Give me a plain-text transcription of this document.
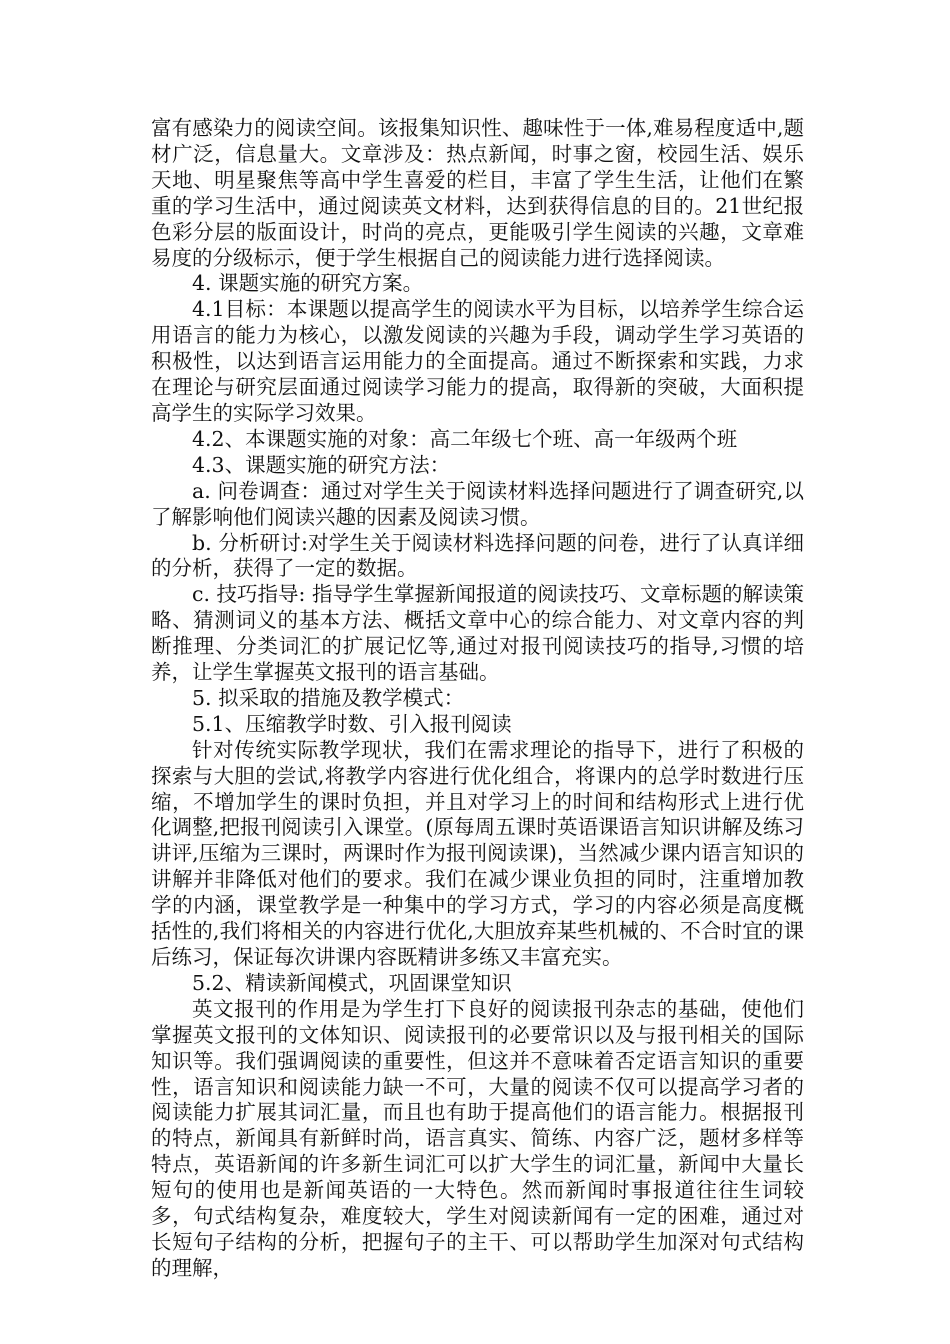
富有感染力的阅读空间。该报集知识性、趣味性于一体,难易程度适中,题材广泛，信息量大。文章涉及：热点新闻，时事之窗，校园生活、娱乐天地、明星聚焦等高中学生喜爱的栏目，丰富了学生生活，让他们在繁重的学习生活中，通过阅读英文材料，达到获得信息的目的。21世纪报色彩分层的版面设计，时尚的亮点，更能吸引学生阅读的兴趣，文章难易度的分级标示，便于学生根据自己的阅读能力进行选择阅读。

4. 课题实施的研究方案。

4.1目标：本课题以提高学生的阅读水平为目标，以培养学生综合运用语言的能力为核心，以激发阅读的兴趣为手段，调动学生学习英语的积极性，以达到语言运用能力的全面提高。通过不断探索和实践，力求在理论与研究层面通过阅读学习能力的提高，取得新的突破，大面积提高学生的实际学习效果。

4.2、本课题实施的对象：高二年级七个班、高一年级两个班

4.3、课题实施的研究方法：

a. 问卷调查：通过对学生关于阅读材料选择问题进行了调查研究,以了解影响他们阅读兴趣的因素及阅读习惯。

b. 分析研讨:对学生关于阅读材料选择问题的问卷，进行了认真详细的分析，获得了一定的数据。

c. 技巧指导: 指导学生掌握新闻报道的阅读技巧、文章标题的解读策略、猜测词义的基本方法、概括文章中心的综合能力、对文章内容的判断推理、分类词汇的扩展记忆等,通过对报刊阅读技巧的指导,习惯的培养，让学生掌握英文报刊的语言基础。

5. 拟采取的措施及教学模式：

5.1、压缩教学时数、引入报刊阅读

针对传统实际教学现状，我们在需求理论的指导下，进行了积极的探索与大胆的尝试,将教学内容进行优化组合，将课内的总学时数进行压缩，不增加学生的课时负担，并且对学习上的时间和结构形式上进行优化调整,把报刊阅读引入课堂。(原每周五课时英语课语言知识讲解及练习讲评,压缩为三课时，两课时作为报刊阅读课)，当然减少课内语言知识的讲解并非降低对他们的要求。我们在减少课业负担的同时，注重增加教学的内涵，课堂教学是一种集中的学习方式，学习的内容必须是高度概括性的,我们将相关的内容进行优化,大胆放弃某些机械的、不合时宜的课后练习，保证每次讲课内容既精讲多练又丰富充实。

5.2、精读新闻模式，巩固课堂知识

英文报刊的作用是为学生打下良好的阅读报刊杂志的基础，使他们掌握英文报刊的文体知识、阅读报刊的必要常识以及与报刊相关的国际知识等。我们强调阅读的重要性，但这并不意味着否定语言知识的重要性，语言知识和阅读能力缺一不可，大量的阅读不仅可以提高学习者的阅读能力扩展其词汇量，而且也有助于提高他们的语言能力。根据报刊的特点，新闻具有新鲜时尚，语言真实、简练、内容广泛，题材多样等特点，英语新闻的许多新生词汇可以扩大学生的词汇量，新闻中大量长短句的使用也是新闻英语的一大特色。然而新闻时事报道往往生词较多，句式结构复杂，难度较大，学生对阅读新闻有一定的困难，通过对长短句子结构的分析，把握句子的主干、可以帮助学生加深对句式结构的理解，
